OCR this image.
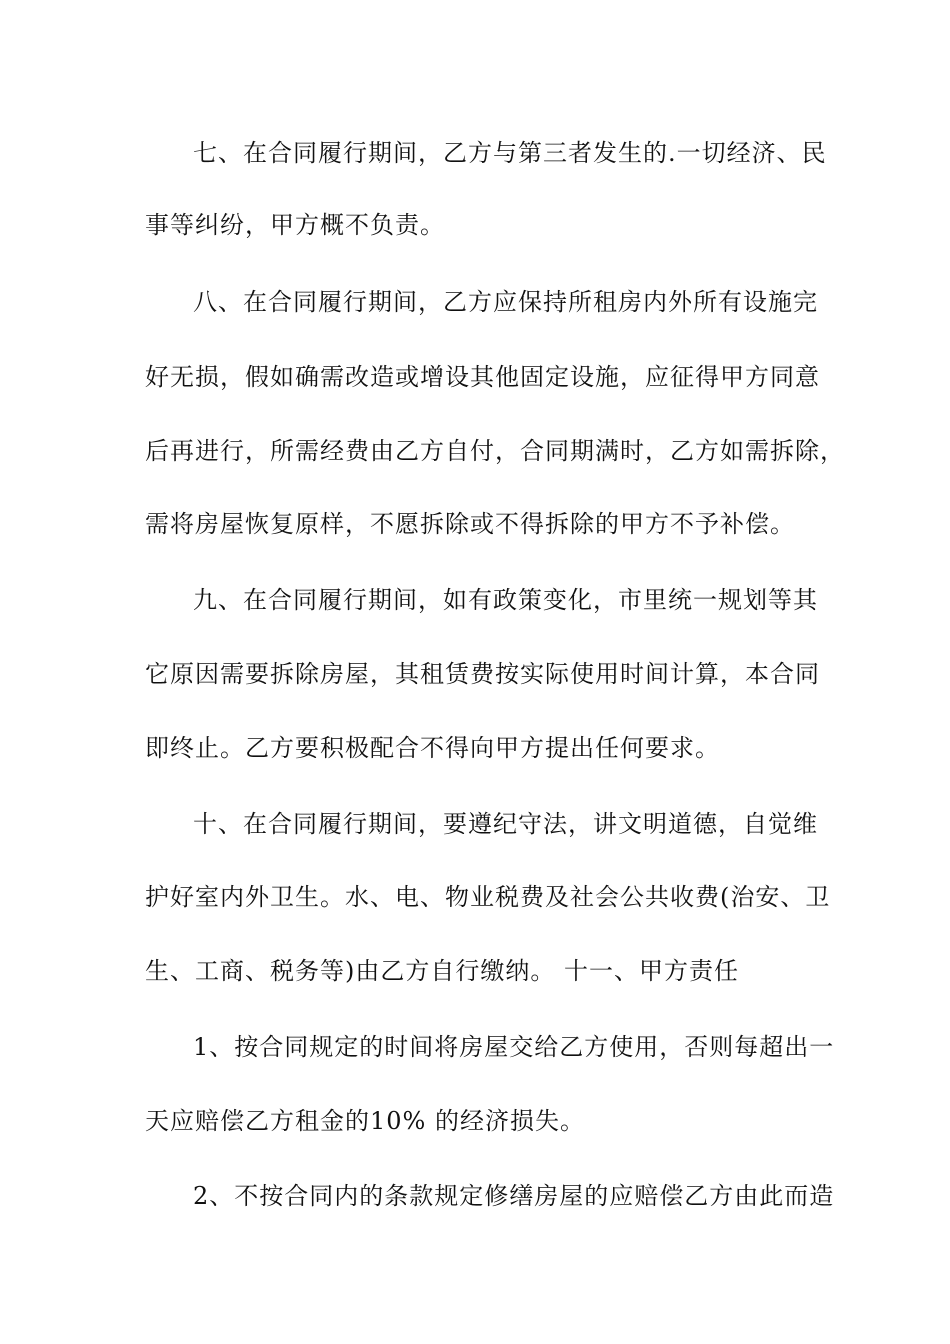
七、在合同履行期间，乙方与第三者发生的.一切经济、民
事等纠纷，甲方概不负责。
八、在合同履行期间，乙方应保持所租房内外所有设施完
好无损，假如确需改造或增设其他固定设施，应征得甲方同意
后再进行，所需经费由乙方自付，合同期满时，乙方如需拆除，
需将房屋恢复原样，不愿拆除或不得拆除的甲方不予补偿。
九、在合同履行期间，如有政策变化，市里统一规划等其
它原因需要拆除房屋，其租赁费按实际使用时间计算，本合同
即终止。乙方要积极配合不得向甲方提出任何要求。
十、在合同履行期间，要遵纪守法，讲文明道德，自觉维
护好室内外卫生。水、电、物业税费及社会公共收费(治安、卫
生、工商、税务等)由乙方自行缴纳。 十一、甲方责任
1、按合同规定的时间将房屋交给乙方使用，否则每超出一
天应赔偿乙方租金的10% 的经济损失。
2、不按合同内的条款规定修缮房屋的应赔偿乙方由此而造
